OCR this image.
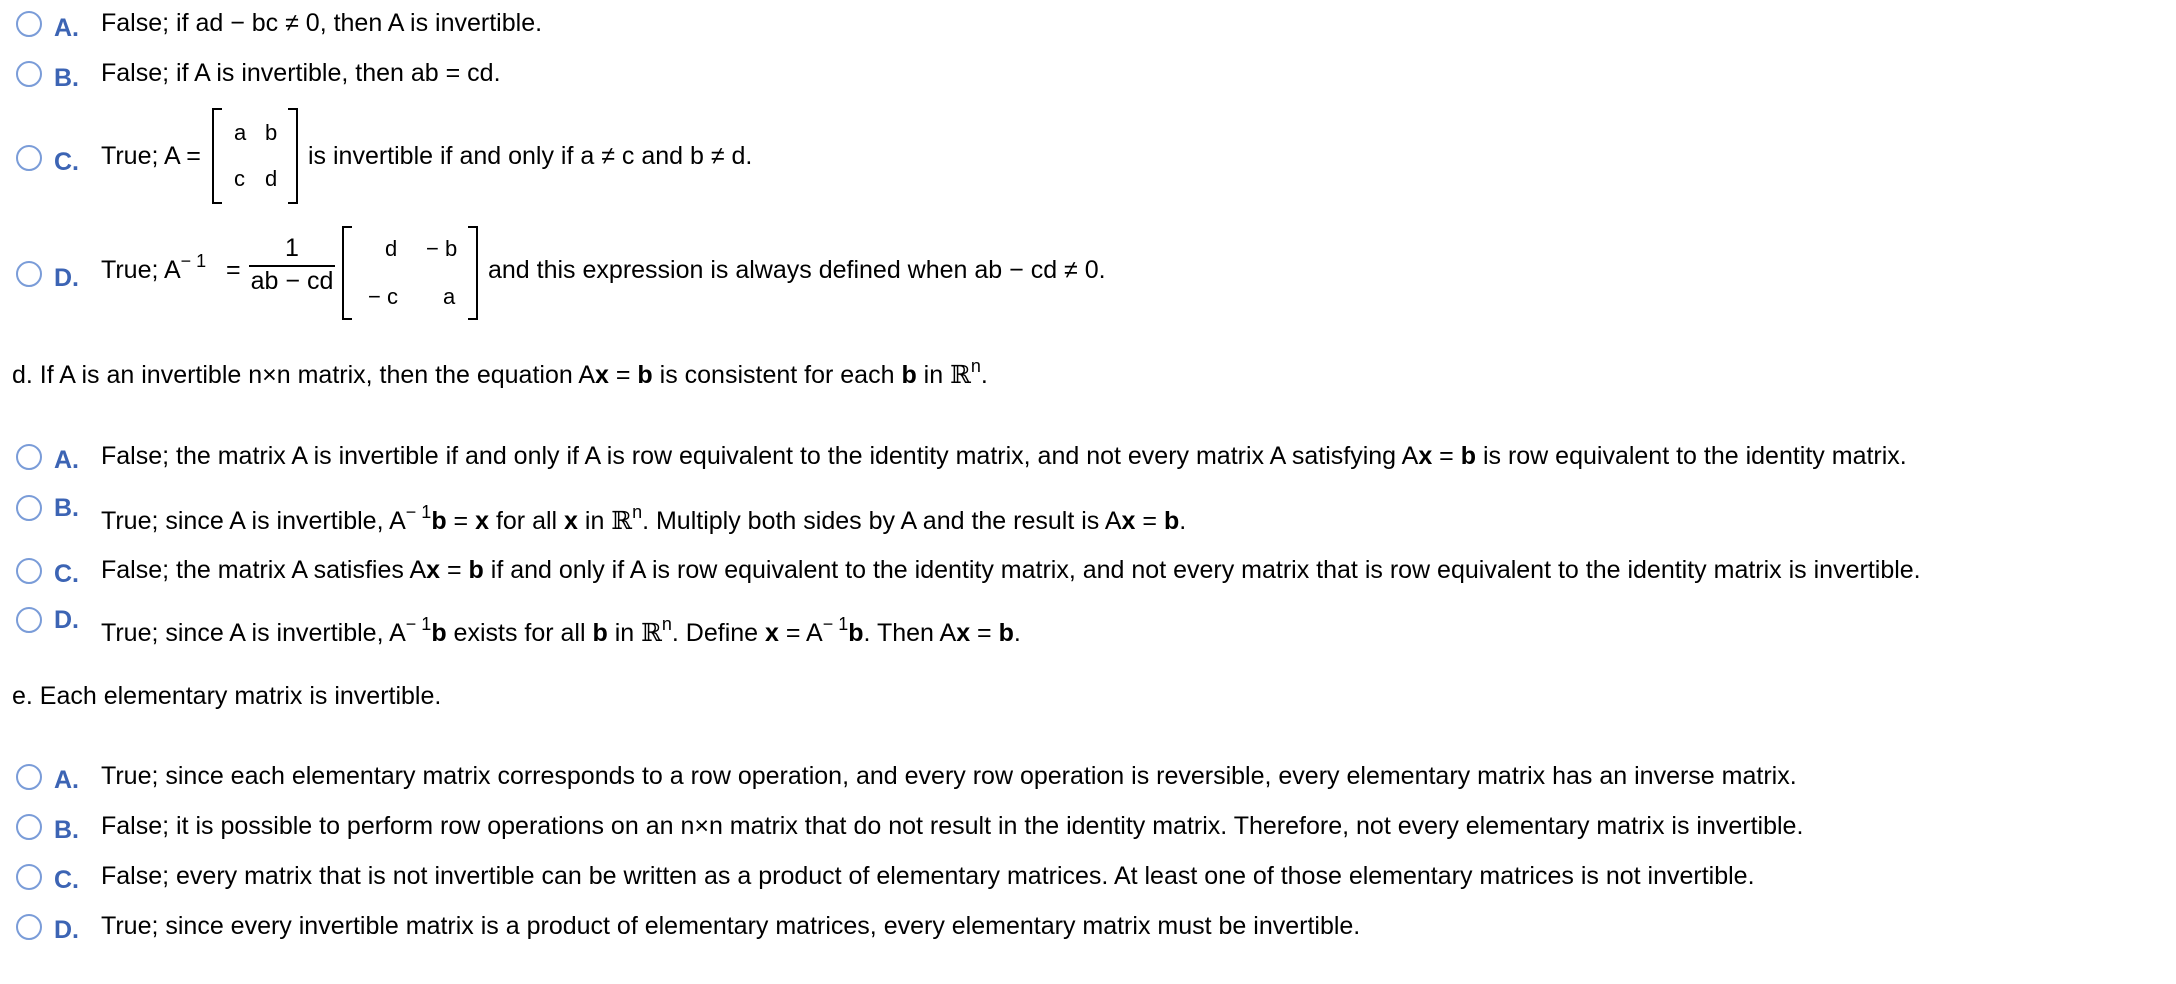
A. False; if ad − bc ≠ 0, then A is invertible.
B. False; if A is invertible, then ab = cd.
C. True; A =
a b
c d
is invertible if and only if a ≠ c and b ≠ d.
D. True; $A^{- 1}$ =
1
ab − cd
d − b
− c a
and this expression is always defined when ab − cd ≠ 0.
d. If A is an invertible n×n matrix, then the equation Ax = b is consistent for each b in ℝ$^n$.
A. False; the matrix A is invertible if and only if A is row equivalent to the identity matrix, and not every matrix A satisfying Ax = b is row equivalent to the identity matrix.
B. True; since A is invertible, $A^{- 1}b = x$ for all x in ℝ$^n$. Multiply both sides by A and the result is Ax = b.
C. False; the matrix A satisfies Ax = b if and only if A is row equivalent to the identity matrix, and not every matrix that is row equivalent to the identity matrix is invertible.
D. True; since A is invertible, $A^{- 1}b$ exists for all b in ℝ$^n$. Define $x = A^{- 1}b$. Then Ax = b.
e. Each elementary matrix is invertible.
A. True; since each elementary matrix corresponds to a row operation, and every row operation is reversible, every elementary matrix has an inverse matrix.
B. False; it is possible to perform row operations on an n×n matrix that do not result in the identity matrix. Therefore, not every elementary matrix is invertible.
C. False; every matrix that is not invertible can be written as a product of elementary matrices. At least one of those elementary matrices is not invertible.
D. True; since every invertible matrix is a product of elementary matrices, every elementary matrix must be invertible.
